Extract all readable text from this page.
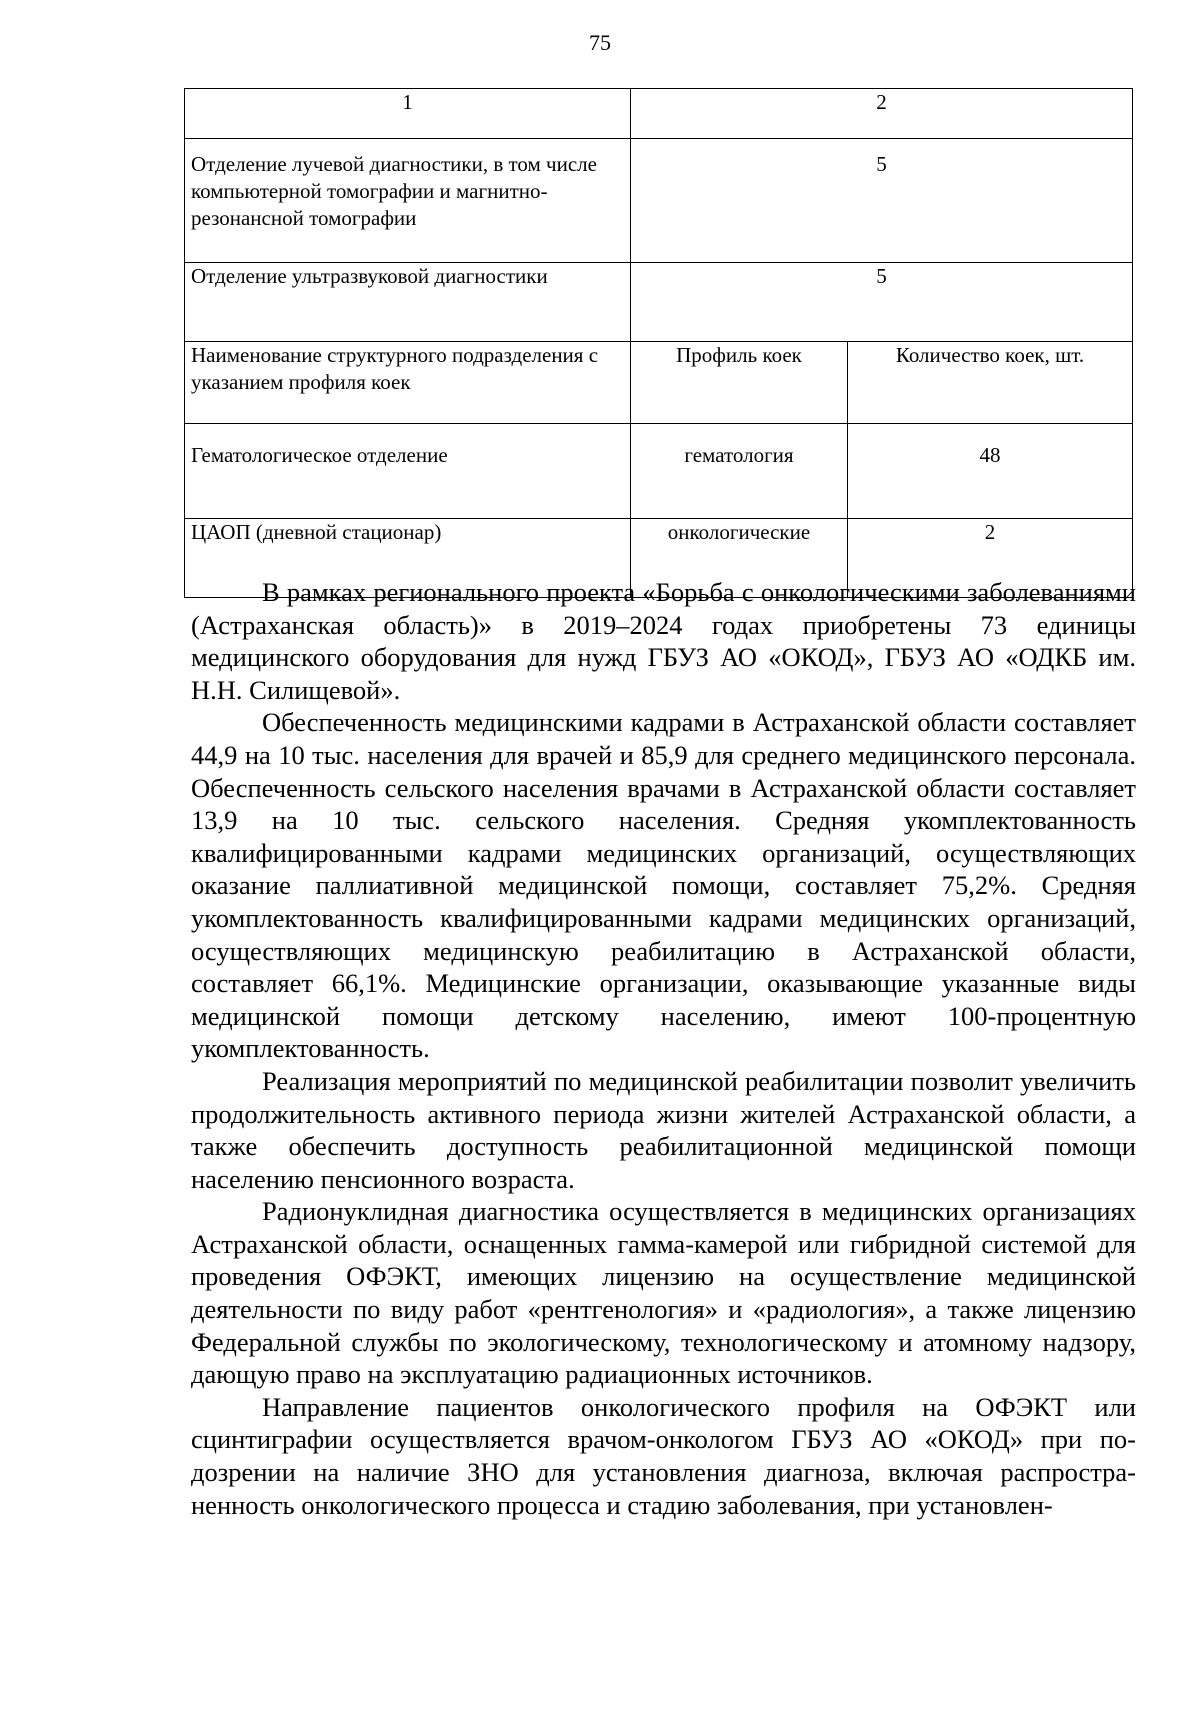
75
1	2	
Отделение лучевой диагностики, в том числе компьютерной томографии и магнитно-резонансной томографии	5	
Отделение ультразвуковой диагностики	5	
Наименование структурного подразделения с указанием профиля коек	Профиль коек	Количество коек, шт.
Гематологическое отделение	гематология	48
ЦАОП (дневной стационар)	онкологические	2

В рамках регионального проекта «Борьба с онкологическими заболеваниями (Астраханская область)» в 2019–2024 годах приобретены 73 единицы медицинского оборудования для нужд ГБУЗ АО «ОКОД», ГБУЗ АО «ОДКБ им. Н.Н. Силищевой».

Обеспеченность медицинскими кадрами в Астраханской области составляет 44,9 на 10 тыс. населения для врачей и 85,9 для среднего медицинского персонала. Обеспеченность сельского населения врачами в Астраханской области составляет 13,9 на 10 тыс. сельского населения. Средняя укомплектованность квалифицированными кадрами медицинских организаций, осуществляющих оказание паллиативной медицинской помощи, составляет 75,2%. Средняя укомплектованность квалифицированными кадрами медицинских организаций, осуществляющих медицинскую реабилитацию в Астраханской области, составляет 66,1%. Медицинские организации, оказывающие указанные виды медицинской помощи детскому населению, имеют 100-процентную укомплектованность.

Реализация мероприятий по медицинской реабилитации позволит увеличить продолжительность активного периода жизни жителей Астраханской области, а также обеспечить доступность реабилитационной медицинской помощи населению пенсионного возраста.

Радионуклидная диагностика осуществляется в медицинских организациях Астраханской области, оснащенных гамма-камерой или гибридной системой для проведения ОФЭКТ, имеющих лицензию на осуществление медицинской деятельности по виду работ «рентгенология» и «радиология», а также лицензию Федеральной службы по экологическому, технологическому и атомному надзору, дающую право на эксплуатацию радиационных источников.

Направление пациентов онкологического профиля на ОФЭКТ или сцинтиграфии осуществляется врачом-онкологом ГБУЗ АО «ОКОД» при подозрении на наличие ЗНО для установления диагноза, включая распространенность онкологического процесса и стадию заболевания, при установлен-
